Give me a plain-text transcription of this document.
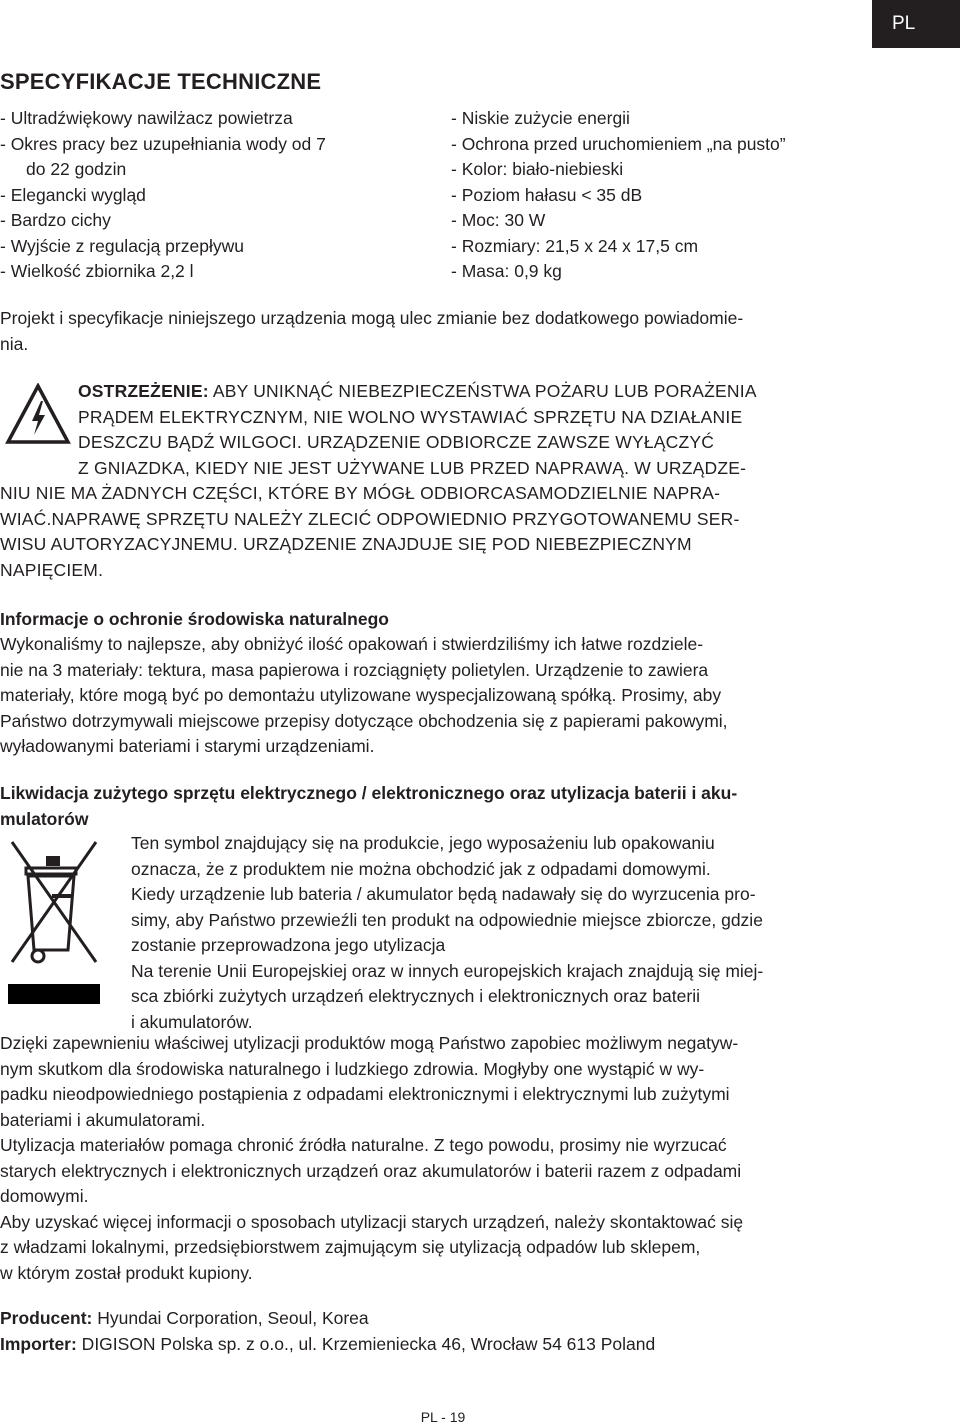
PL
SPECYFIKACJE TECHNICZNE
- Ultradźwiękowy nawilżacz powietrza
- Okres pracy bez uzupełniania wody od 7
do 22 godzin
- Elegancki wygląd
- Bardzo cichy
- Wyjście z regulacją przepływu
- Wielkość zbiornika 2,2 l
- Niskie zużycie energii
- Ochrona przed uruchomieniem „na pusto”
- Kolor: biało-niebieski
- Poziom hałasu < 35 dB
- Moc: 30 W
- Rozmiary: 21,5 x 24 x 17,5 cm
- Masa: 0,9 kg
Projekt i specyfikacje niniejszego urządzenia mogą ulec zmianie bez dodatkowego powiadomie-
nia.
OSTRZEŻENIE: ABY UNIKNĄĆ NIEBEZPIECZEŃSTWA POŻARU LUB PORAŻENIA
PRĄDEM ELEKTRYCZNYM, NIE WOLNO WYSTAWIAĆ SPRZĘTU NA DZIAŁANIE
DESZCZU BĄDŹ WILGOCI. URZĄDZENIE ODBIORCZE ZAWSZE WYŁĄCZYĆ
Z GNIAZDKA, KIEDY NIE JEST UŻYWANE LUB PRZED NAPRAWĄ. W URZĄDZE-
NIU NIE MA ŻADNYCH CZĘŚCI, KTÓRE BY MÓGŁ ODBIORCASAMODZIELNIE NAPRA-
WIAĆ.NAPRAWĘ SPRZĘTU NALEŻY ZLECIĆ ODPOWIEDNIO PRZYGOTOWANEMU SER-
WISU AUTORYZACYJNEMU. URZĄDZENIE ZNAJDUJE SIĘ POD NIEBEZPIECZNYM
NAPIĘCIEM.
Informacje o ochronie środowiska naturalnego
Wykonaliśmy to najlepsze, aby obniżyć ilość opakowań i stwierdziliśmy ich łatwe rozdziele-
nie na 3 materiały: tektura, masa papierowa i rozciągnięty polietylen. Urządzenie to zawiera
materiały, które mogą być po demontażu utylizowane wyspecjalizowaną spółką. Prosimy, aby
Państwo dotrzymywali miejscowe przepisy dotyczące obchodzenia się z papierami pakowymi,
wyładowanymi bateriami i starymi urządzeniami.
Likwidacja zużytego sprzętu elektrycznego / elektronicznego oraz utylizacja baterii i aku-
mulatorów
Ten symbol znajdujący się na produkcie, jego wyposażeniu lub opakowaniu
oznacza, że z produktem nie można obchodzić jak z odpadami domowymi.
Kiedy urządzenie lub bateria / akumulator będą nadawały się do wyrzucenia pro-
simy, aby Państwo przewieźli ten produkt na odpowiednie miejsce zbiorcze, gdzie
zostanie przeprowadzona jego utylizacja
Na terenie Unii Europejskiej oraz w innych europejskich krajach znajdują się miej-
sca zbiórki zużytych urządzeń elektrycznych i elektronicznych oraz baterii
i akumulatorów.
Dzięki zapewnieniu właściwej utylizacji produktów mogą Państwo zapobiec możliwym negatyw-
nym skutkom dla środowiska naturalnego i ludzkiego zdrowia. Mogłyby one wystąpić w wy-
padku nieodpowiedniego postąpienia z odpadami elektronicznymi i elektrycznymi lub zużytymi
bateriami i akumulatorami.
Utylizacja materiałów pomaga chronić źródła naturalne. Z tego powodu, prosimy nie wyrzucać
starych elektrycznych i elektronicznych urządzeń oraz akumulatorów i baterii razem z odpadami
domowymi.
Aby uzyskać więcej informacji o sposobach utylizacji starych urządzeń, należy skontaktować się
z władzami lokalnymi, przedsiębiorstwem zajmującym się utylizacją odpadów lub sklepem,
w którym został produkt kupiony.
Producent: Hyundai Corporation, Seoul, Korea
Importer: DIGISON Polska sp. z o.o., ul. Krzemieniecka 46, Wrocław 54 613 Poland
PL - 19
